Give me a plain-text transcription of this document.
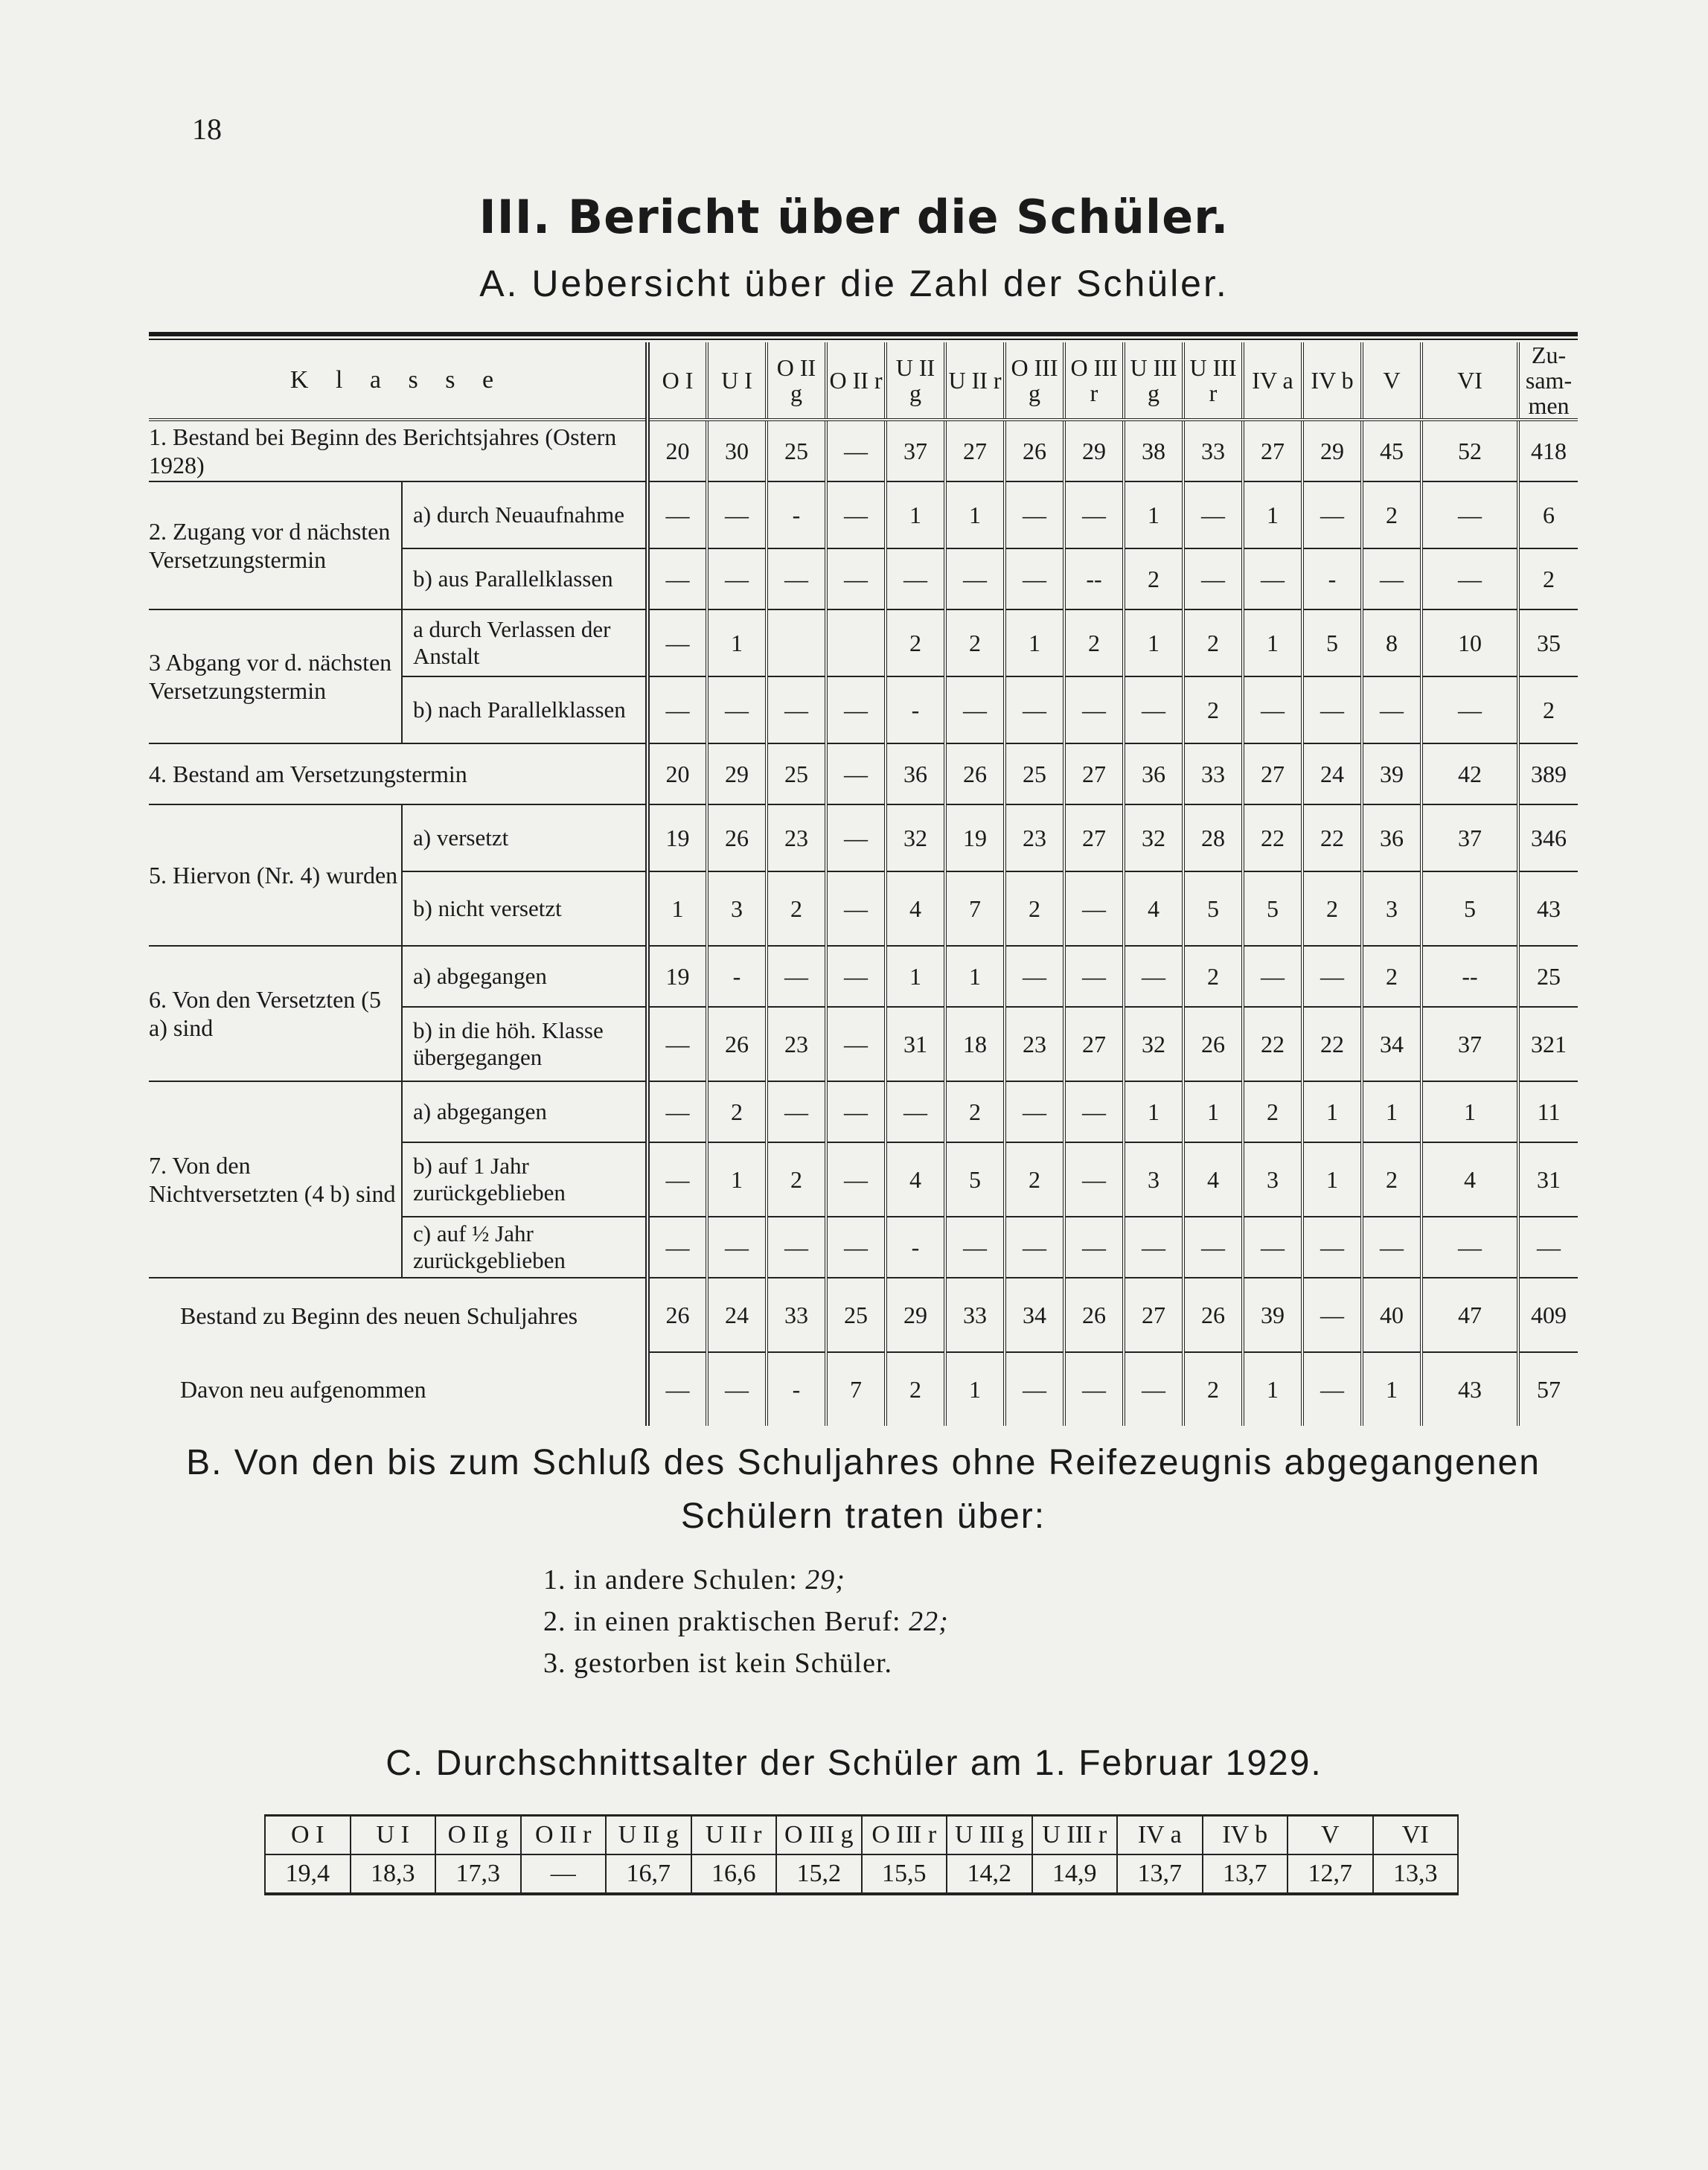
18
III. Bericht über die Schüler.
A. Uebersicht über die Zahl der Schüler.
K l a s s e		O I	U I	O II g	O II r	U II g	U II r	O III g	O III r	U III g	U III r	IV a	IV b	V	VI	Zu-sam-men
1. Bestand bei Beginn des Berichtsjahres (Ostern 1928)		20	30	25	—	37	27	26	29	38	33	27	29	45	52	418
2. Zugang vor d nächsten Versetzungstermin	a) durch Neuaufnahme	—	—	-	—	1	1	—	—	1	—	1	—	2	—	6
	b) aus Parallelklassen	—	—	—	—	—	—	—	--	2	—	—	-	—	—	2
3 Abgang vor d. nächsten Versetzungstermin	a durch Verlassen der Anstalt	—	1			2	2	1	2	1	2	1	5	8	10	35
	b) nach Parallelklassen	—	—	—	—	-	—	—	—	—	2	—	—	—	—	2
4. Bestand am Versetzungstermin		20	29	25	—	36	26	25	27	36	33	27	24	39	42	389
5. Hiervon (Nr. 4) wurden	a) versetzt	19	26	23	—	32	19	23	27	32	28	22	22	36	37	346
	b) nicht versetzt	1	3	2	—	4	7	2	—	4	5	5	2	3	5	43
6. Von den Versetzten (5 a) sind	a) abgegangen	19	-	—	—	1	1	—	—	—	2	—	—	2	--	25
	b) in die höh. Klasse übergegangen	—	26	23	—	31	18	23	27	32	26	22	22	34	37	321
7. Von den Nichtversetzten (4 b) sind	a) abgegangen	—	2	—	—	—	2	—	—	1	1	2	1	1	1	11
	b) auf 1 Jahr zurückgeblieben	—	1	2	—	4	5	2	—	3	4	3	1	2	4	31
	c) auf ½ Jahr zurückgeblieben	—	—	—	—	-	—	—	—	—	—	—	—	—	—	—
Bestand zu Beginn des neuen Schuljahres		26	24	33	25	29	33	34	26	27	26	39	—	40	47	409
Davon neu aufgenommen		—	—	-	7	2	1	—	—	—	2	1	—	1	43	57
B. Von den bis zum Schluß des Schuljahres ohne Reifezeugnis abgegangenen
Schülern traten über:
1. in andere Schulen: 29;
2. in einen praktischen Beruf: 22;
3. gestorben ist kein Schüler.
C. Durchschnittsalter der Schüler am 1. Februar 1929.
O I	U I	O II g	O II r	U II g	U II r	O III g	O III r	U III g	U III r	IV a	IV b	V	VI
19,4	18,3	17,3	—	16,7	16,6	15,2	15,5	14,2	14,9	13,7	13,7	12,7	13,3
